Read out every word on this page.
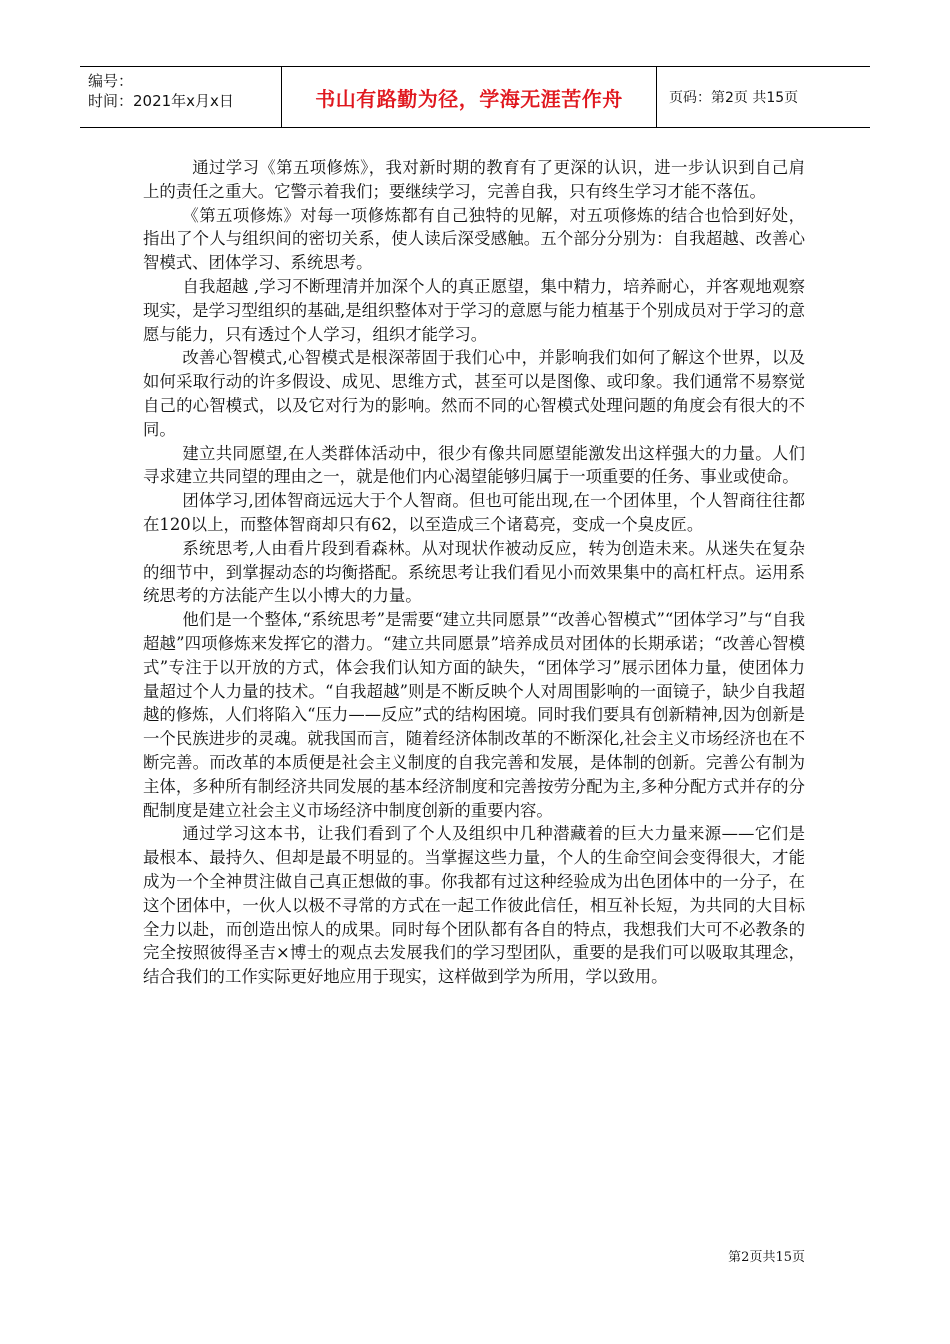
编号：
时间：2021年x月x日	书山有路勤为径，学海无涯苦作舟	页码：第2页 共15页

通过学习《第五项修炼》，我对新时期的教育有了更深的认识，进一步认识到自己肩上的责任之重大。它警示着我们；要继续学习，完善自我，只有终生学习才能不落伍。

《第五项修炼》对每一项修炼都有自己独特的见解，对五项修炼的结合也恰到好处，指出了个人与组织间的密切关系，使人读后深受感触。五个部分分别为：自我超越、改善心智模式、团体学习、系统思考。

自我超越 ,学习不断理清并加深个人的真正愿望，集中精力，培养耐心，并客观地观察现实，是学习型组织的基础,是组织整体对于学习的意愿与能力植基于个别成员对于学习的意愿与能力，只有透过个人学习，组织才能学习。

改善心智模式,心智模式是根深蒂固于我们心中，并影响我们如何了解这个世界，以及如何采取行动的许多假设、成见、思维方式，甚至可以是图像、或印象。我们通常不易察觉自己的心智模式，以及它对行为的影响。然而不同的心智模式处理问题的角度会有很大的不同。

建立共同愿望,在人类群体活动中，很少有像共同愿望能激发出这样强大的力量。人们寻求建立共同望的理由之一，就是他们内心渴望能够归属于一项重要的任务、事业或使命。

团体学习,团体智商远远大于个人智商。但也可能出现,在一个团体里，个人智商往往都在120以上，而整体智商却只有62，以至造成三个诸葛亮，变成一个臭皮匠。

系统思考,人由看片段到看森林。从对现状作被动反应，转为创造未来。从迷失在复杂的细节中，到掌握动态的均衡搭配。系统思考让我们看见小而效果集中的高杠杆点。运用系统思考的方法能产生以小博大的力量。

他们是一个整体,“系统思考”是需要“建立共同愿景”“改善心智模式”“团体学习”与“自我超越”四项修炼来发挥它的潜力。“建立共同愿景”培养成员对团体的长期承诺；“改善心智模式”专注于以开放的方式，体会我们认知方面的缺失，“团体学习”展示团体力量，使团体力量超过个人力量的技术。“自我超越”则是不断反映个人对周围影响的一面镜子，缺少自我超越的修炼，人们将陷入“压力——反应”式的结构困境。同时我们要具有创新精神,因为创新是一个民族进步的灵魂。就我国而言，随着经济体制改革的不断深化,社会主义市场经济也在不断完善。而改革的本质便是社会主义制度的自我完善和发展，是体制的创新。完善公有制为主体，多种所有制经济共同发展的基本经济制度和完善按劳分配为主,多种分配方式并存的分配制度是建立社会主义市场经济中制度创新的重要内容。

通过学习这本书，让我们看到了个人及组织中几种潜藏着的巨大力量来源——它们是最根本、最持久、但却是最不明显的。当掌握这些力量，个人的生命空间会变得很大，才能成为一个全神贯注做自己真正想做的事。你我都有过这种经验成为出色团体中的一分子，在这个团体中，一伙人以极不寻常的方式在一起工作彼此信任，相互补长短，为共同的大目标全力以赴，而创造出惊人的成果。同时每个团队都有各自的特点，我想我们大可不必教条的完全按照彼得圣吉×博士的观点去发展我们的学习型团队，重要的是我们可以吸取其理念，结合我们的工作实际更好地应用于现实，这样做到学为所用，学以致用。

第2页共15页
